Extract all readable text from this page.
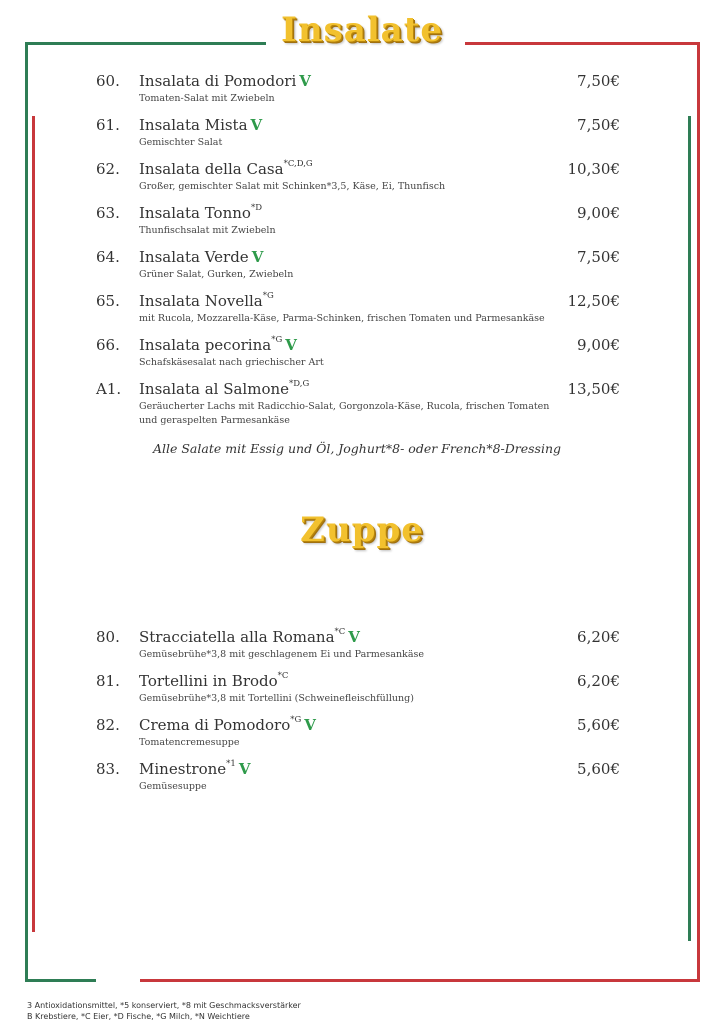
Insalate
Alle Salate mit Essig und Öl, Joghurt*8- oder French*8-Dressing
Zuppe
3 Antioxidationsmittel, *5 konserviert, *8 mit Geschmacksverstärker
B Krebstiere, *C Eier, *D Fische, *G Milch, *N Weichtiere
60. Insalata di Pomodori V
Tomaten-Salat mit Zwiebeln
7,50€
61. Insalata Mista V
Gemischter Salat
7,50€
62. Insalata della Casa$^{*C,D,G}$
Großer, gemischter Salat mit Schinken*3,5, Käse, Ei, Thunfisch
10,30€
63. Insalata Tonno$^{*D}$
Thunfischsalat mit Zwiebeln
9,00€
64. Insalata Verde V
Grüner Salat, Gurken, Zwiebeln
7,50€
65. Insalata Novella$^{*G}$
mit Rucola, Mozzarella-Käse, Parma-Schinken, frischen Tomaten und Parmesankäse
12,50€
66. Insalata pecorina$^{*G}$ V
Schafskäsesalat nach griechischer Art
9,00€
A1. Insalata al Salmone$^{*D,G}$
Geräucherter Lachs mit Radicchio-Salat, Gorgonzola-Käse, Rucola, frischen Tomaten und geraspelten Parmesankäse
13,50€
80. Stracciatella alla Romana$^{*C}$ V
Gemüsebrühe*3,8 mit geschlagenem Ei und Parmesankäse
6,20€
81. Tortellini in Brodo$^{*C}$
Gemüsebrühe*3,8 mit Tortellini (Schweinefleischfüllung)
6,20€
82. Crema di Pomodoro$^{*G}$ V
Tomatencremesuppe
5,60€
83. Minestrone$^{*1}$ V
Gemüsesuppe
5,60€
